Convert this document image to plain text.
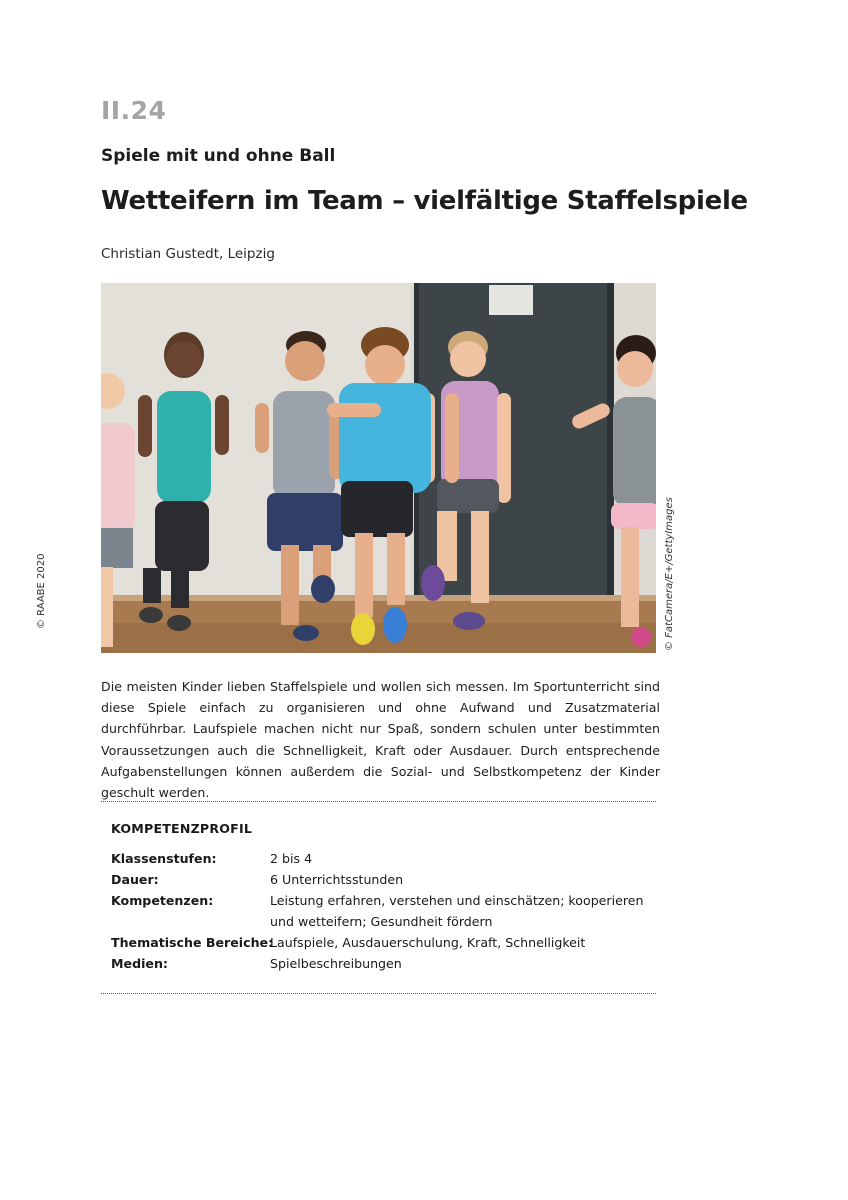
II.24
Spiele mit und ohne Ball
Wetteifern im Team – vielfältige Staffelspiele
Christian Gustedt, Leipzig
© FatCamera/E+/GettyImages
© RAABE 2020

Die meisten Kinder lieben Staffelspiele und wollen sich messen. Im Sportunterricht sind diese Spiele einfach zu organisieren und ohne Aufwand und Zusatzmaterial durchführbar. Laufspiele machen nicht nur Spaß, sondern schulen unter bestimmten Voraussetzungen auch die Schnelligkeit, Kraft oder Ausdauer. Durch entsprechende Aufgabenstellungen können außerdem die Sozial- und Selbstkompetenz der Kinder geschult werden.

KOMPETENZPROFIL
Klassenstufen:	2 bis 4
Dauer:	6 Unterrichtsstunden
Kompetenzen:	Leistung erfahren, verstehen und einschätzen; kooperieren und wetteifern; Gesundheit fördern
Thematische Bereiche:
Laufspiele, Ausdauerschulung, Kraft, Schnelligkeit
Medien:	Spielbeschreibungen
